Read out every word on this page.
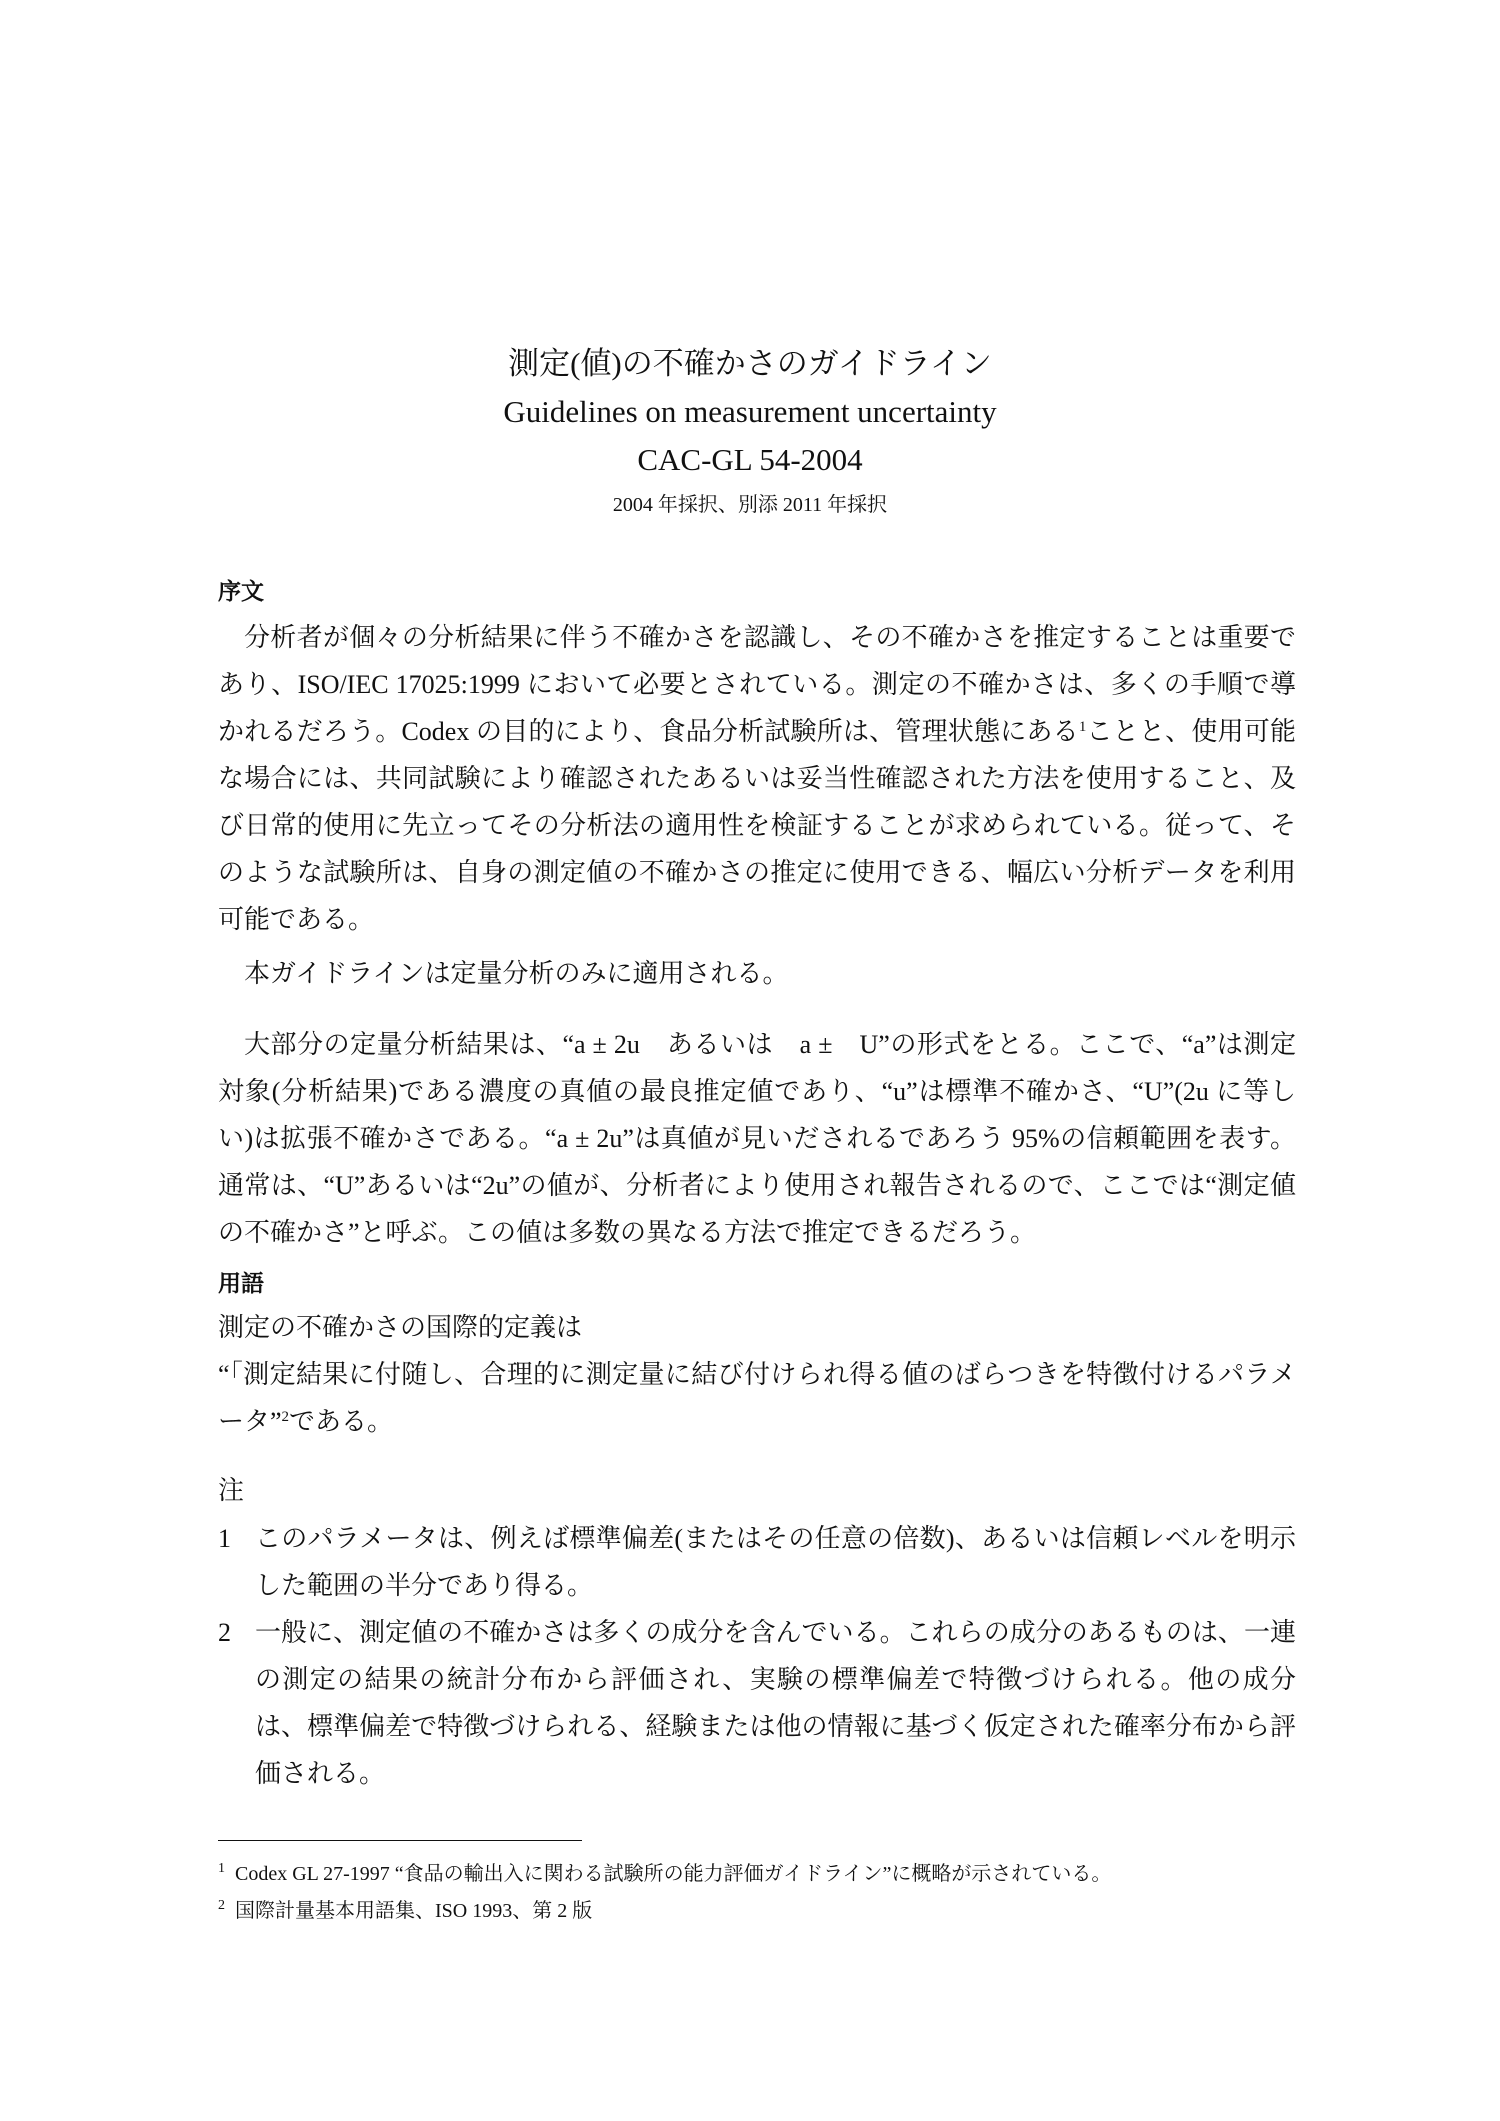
測定(値)の不確かさのガイドライン
Guidelines on measurement uncertainty
CAC-GL 54-2004
2004 年採択、別添 2011 年採択
序文

分析者が個々の分析結果に伴う不確かさを認識し、その不確かさを推定することは重要であり、ISO/IEC 17025:1999 において必要とされている。測定の不確かさは、多くの手順で導かれるだろう。Codex の目的により、食品分析試験所は、管理状態にある$^1$ことと、使用可能な場合には、共同試験により確認されたあるいは妥当性確認された方法を使用すること、及び日常的使用に先立ってその分析法の適用性を検証することが求められている。従って、そのような試験所は、自身の測定値の不確かさの推定に使用できる、幅広い分析データを利用可能である。

本ガイドラインは定量分析のみに適用される。

大部分の定量分析結果は、“a ± 2u　あるいは　a ±　U”の形式をとる。ここで、“a”は測定対象(分析結果)である濃度の真値の最良推定値であり、“u”は標準不確かさ、“U”(2u に等しい)は拡張不確かさである。“a ± 2u”は真値が見いだされるであろう 95%の信頼範囲を表す。通常は、“U”あるいは“2u”の値が、分析者により使用され報告されるので、ここでは“測定値の不確かさ”と呼ぶ。この値は多数の異なる方法で推定できるだろう。

用語

測定の不確かさの国際的定義は

“「測定結果に付随し、合理的に測定量に結び付けられ得る値のばらつきを特徴付けるパラメータ”$^2$である。

注
1 このパラメータは、例えば標準偏差(またはその任意の倍数)、あるいは信頼レベルを明示した範囲の半分であり得る。
2 一般に、測定値の不確かさは多くの成分を含んでいる。これらの成分のあるものは、一連の測定の結果の統計分布から評価され、実験の標準偏差で特徴づけられる。他の成分は、標準偏差で特徴づけられる、経験または他の情報に基づく仮定された確率分布から評価される。
$^1$ Codex GL 27-1997 “食品の輸出入に関わる試験所の能力評価ガイドライン”に概略が示されている。
$^2$ 国際計量基本用語集、ISO 1993、第 2 版
